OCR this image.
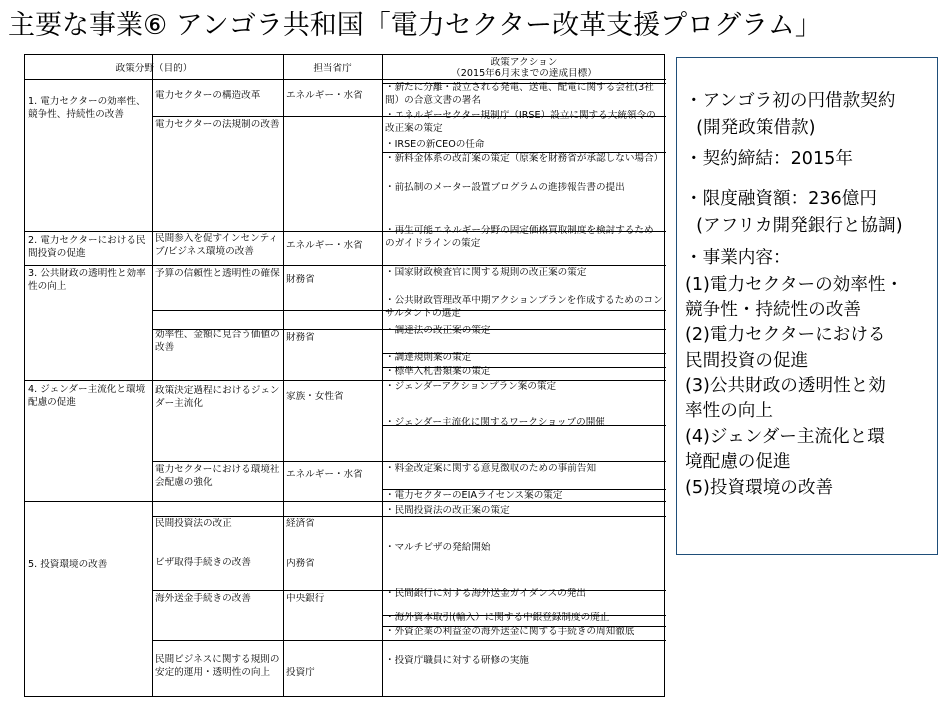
主要な事業⑥ アンゴラ共和国「電力セクター改革支援プログラム」
政策分野（目的）	担当省庁
政策アクション
（2015年6月末までの達成目標）
1. 電力セクターの効率性、競争性、持続性の改善
2. 電力セクターにおける民間投資の促進
3. 公共財政の透明性と効率性の向上
4. ジェンダー主流化と環境配慮の促進
5. 投資環境の改善
電力セクターの構造改革
電力セクターの法規制の改善
民間参入を促すインセンティブ/ビジネス環境の改善
予算の信頼性と透明性の確保
効率性、金額に見合う価値の改善
政策決定過程におけるジェンダー主流化
電力セクターにおける環境社会配慮の強化
民間投資法の改正
ビザ取得手続きの改善
海外送金手続きの改善
民間ビジネスに関する規則の安定的運用・透明性の向上
エネルギー・水省
エネルギー・水省
財務省
財務省
家族・女性省
エネルギー・水省
経済省
内務省
中央銀行
投資庁
・新たに分離・設立される発電、送電、配電に関する会社(3社間）の合意文書の署名
・エネルギーセクター規制庁（IRSE）設立に関する大統領令の改正案の策定
・IRSEの新CEOの任命
・新料金体系の改訂案の策定（原案を財務省が承認しない場合）
・前払制のメーター設置プログラムの進捗報告書の提出
・再生可能エネルギー分野の固定価格買取制度を検討するためのガイドラインの策定
・国家財政検査官に関する規則の改正案の策定
・公共財政管理改革中期アクションプランを作成するためのコンサルタントの選定
・調達法の改正案の策定
・調達規則案の策定
・標準入札書類案の策定
・ジェンダーアクションプラン案の策定
・ジェンダー主流化に関するワークショップの開催
・料金改定案に関する意見徴収のための事前告知
・電力セクターのEIAライセンス案の策定
・民間投資法の改正案の策定
・マルチビザの発給開始
・民間銀行に対する海外送金ガイダンスの発出
・海外資本取引(輸入）に関する中銀登録制度の廃止
・外資企業の利益金の海外送金に関する手続きの周知徹底
・投資庁職員に対する研修の実施
・アンゴラ初の円借款契約
(開発政策借款)
・契約締結：2015年
・限度融資額：236億円
(アフリカ開発銀行と協調)
・事業内容：
(1)電力セクターの効率性・
競争性・持続性の改善
(2)電力セクターにおける
民間投資の促進
(3)公共財政の透明性と効
率性の向上
(4)ジェンダー主流化と環
境配慮の促進
(5)投資環境の改善
